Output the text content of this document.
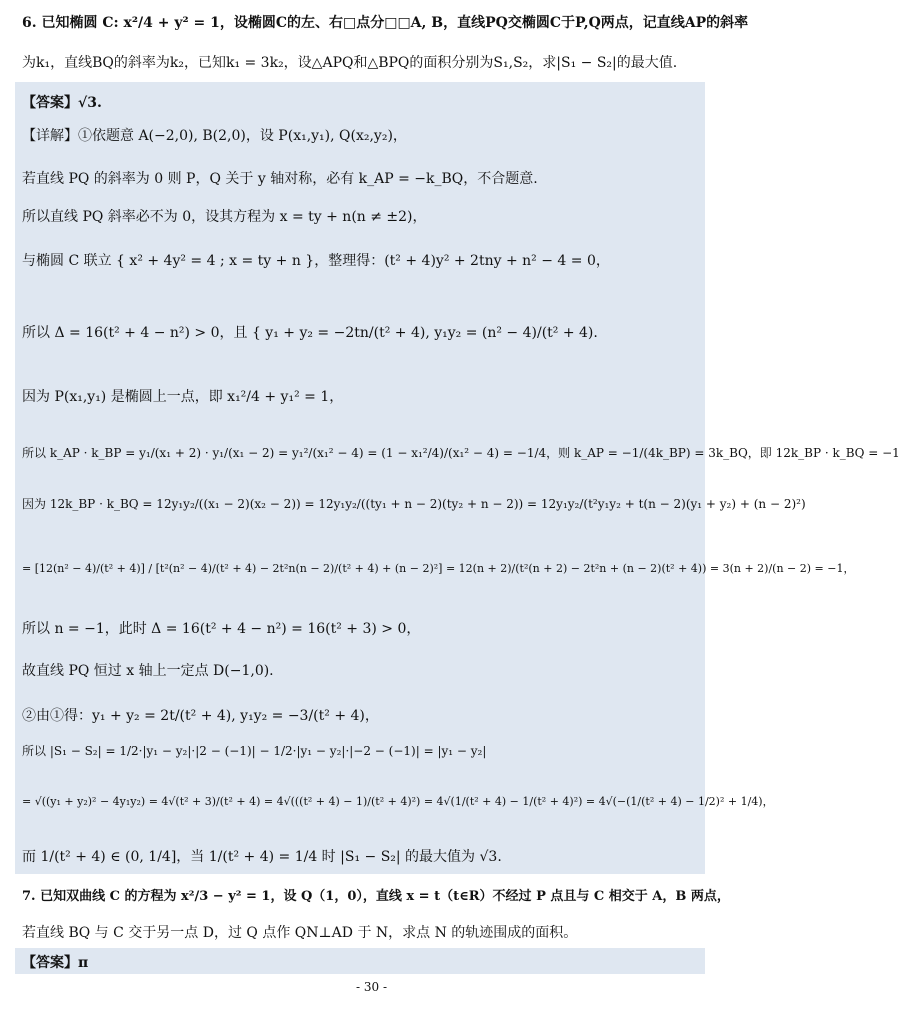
6. 已知椭圆 C: x²/4 + y² = 1，设椭圆C的左、右□点分□□A, B，直线PQ交椭圆C于P,Q两点，记直线AP的斜率
为k₁，直线BQ的斜率为k₂，已知k₁ = 3k₂，设△APQ和△BPQ的面积分别为S₁,S₂，求|S₁ − S₂|的最大值.
【答案】√3.
【详解】①依题意 A(−2,0), B(2,0)，设 P(x₁,y₁), Q(x₂,y₂)，
若直线 PQ 的斜率为 0 则 P，Q 关于 y 轴对称，必有 k_AP = −k_BQ，不合题意.
所以直线 PQ 斜率必不为 0，设其方程为 x = ty + n(n ≠ ±2)，
与椭圆 C 联立 { x² + 4y² = 4 ; x = ty + n }，整理得：(t² + 4)y² + 2tny + n² − 4 = 0，
所以 Δ = 16(t² + 4 − n²) > 0，且 { y₁ + y₂ = −2tn/(t² + 4), y₁y₂ = (n² − 4)/(t² + 4).
因为 P(x₁,y₁) 是椭圆上一点，即 x₁²/4 + y₁² = 1，
所以 k_AP · k_BP = y₁/(x₁ + 2) · y₁/(x₁ − 2) = y₁²/(x₁² − 4) = (1 − x₁²/4)/(x₁² − 4) = −1/4，则 k_AP = −1/(4k_BP) = 3k_BQ，即 12k_BP · k_BQ = −1
因为 12k_BP · k_BQ = 12y₁y₂/((x₁ − 2)(x₂ − 2)) = 12y₁y₂/((ty₁ + n − 2)(ty₂ + n − 2)) = 12y₁y₂/(t²y₁y₂ + t(n − 2)(y₁ + y₂) + (n − 2)²)
= [12(n² − 4)/(t² + 4)] / [t²(n² − 4)/(t² + 4) − 2t²n(n − 2)/(t² + 4) + (n − 2)²] = 12(n + 2)/(t²(n + 2) − 2t²n + (n − 2)(t² + 4)) = 3(n + 2)/(n − 2) = −1，
所以 n = −1，此时 Δ = 16(t² + 4 − n²) = 16(t² + 3) > 0，
故直线 PQ 恒过 x 轴上一定点 D(−1,0).
②由①得：y₁ + y₂ = 2t/(t² + 4), y₁y₂ = −3/(t² + 4)，
所以 |S₁ − S₂| = 1/2·|y₁ − y₂|·|2 − (−1)| − 1/2·|y₁ − y₂|·|−2 − (−1)| = |y₁ − y₂|
= √((y₁ + y₂)² − 4y₁y₂) = 4√(t² + 3)/(t² + 4) = 4√(((t² + 4) − 1)/(t² + 4)²) = 4√(1/(t² + 4) − 1/(t² + 4)²) = 4√(−(1/(t² + 4) − 1/2)² + 1/4)，
而 1/(t² + 4) ∈ (0, 1/4]，当 1/(t² + 4) = 1/4 时 |S₁ − S₂| 的最大值为 √3.
7. 已知双曲线 C 的方程为 x²/3 − y² = 1，设 Q（1，0），直线 x = t（t∈R）不经过 P 点且与 C 相交于 A，B 两点，
若直线 BQ 与 C 交于另一点 D，过 Q 点作 QN⊥AD 于 N，求点 N 的轨迹围成的面积。
【答案】π
- 30 -
